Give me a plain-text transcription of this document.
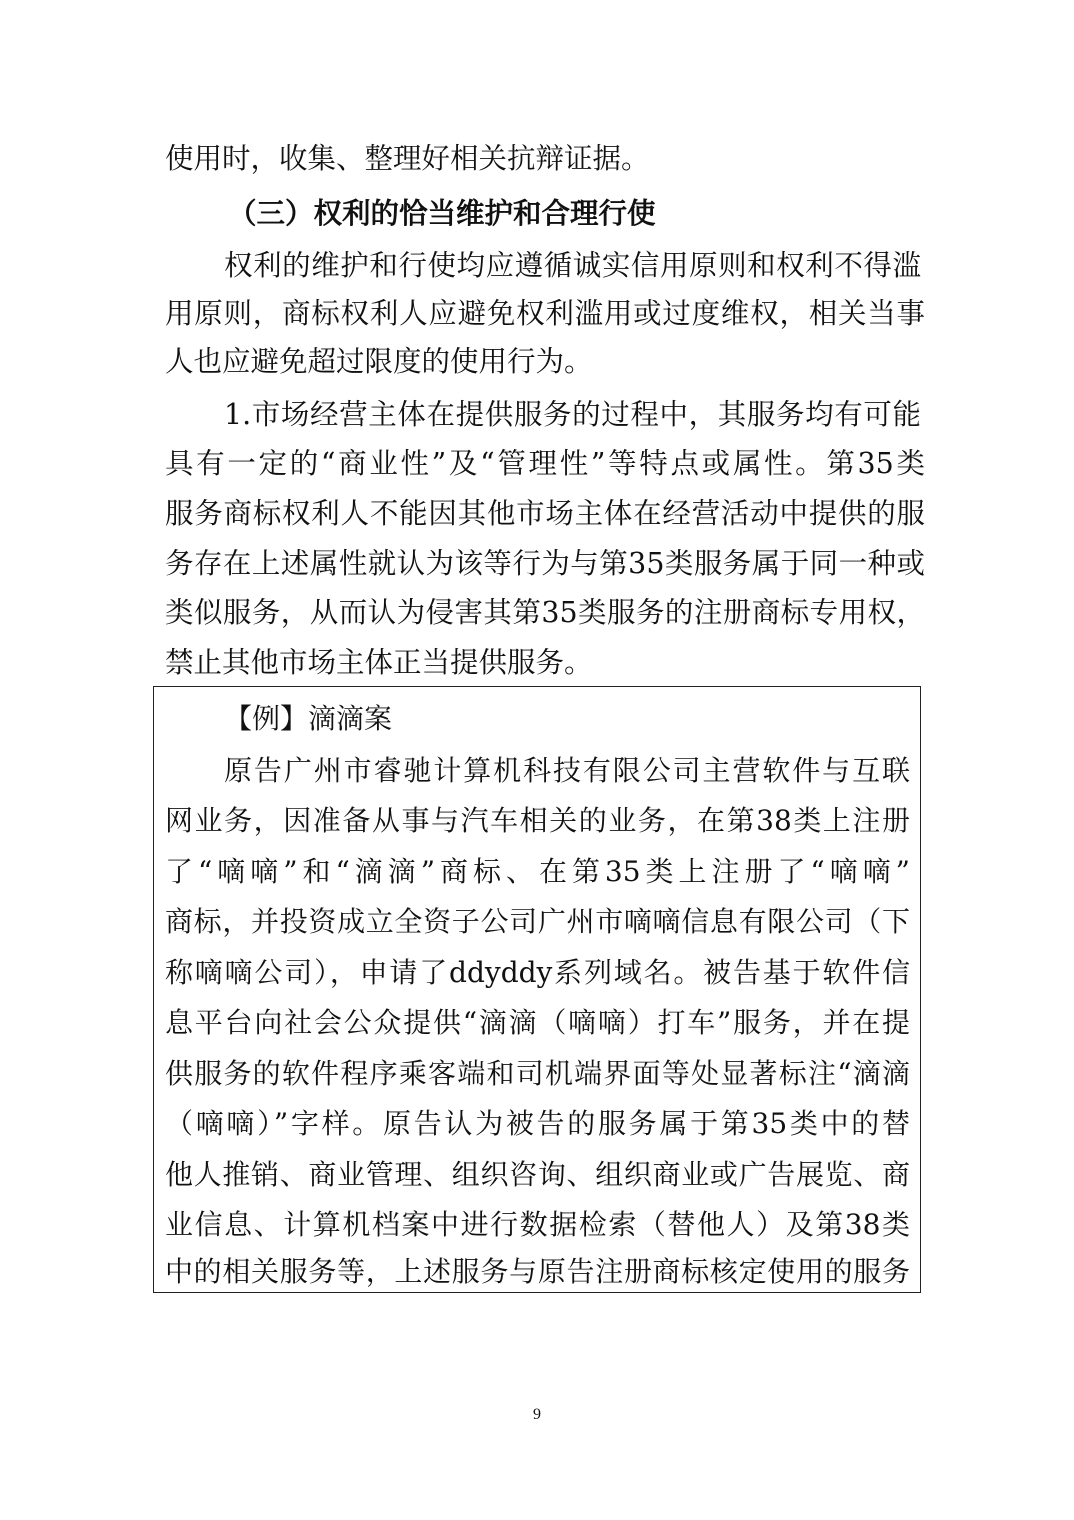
使用时，收集、整理好相关抗辩证据。
（三）权利的恰当维护和合理行使
权利的维护和行使均应遵循诚实信用原则和权利不得滥
用原则，商标权利人应避免权利滥用或过度维权，相关当事
人也应避免超过限度的使用行为。
1.市场经营主体在提供服务的过程中，其服务均有可能
具有一定的“商业性”及“管理性”等特点或属性。第35类
服务商标权利人不能因其他市场主体在经营活动中提供的服
务存在上述属性就认为该等行为与第35类服务属于同一种或
类似服务，从而认为侵害其第35类服务的注册商标专用权，
禁止其他市场主体正当提供服务。
【例】滴滴案
原告广州市睿驰计算机科技有限公司主营软件与互联
网业务，因准备从事与汽车相关的业务，在第38类上注册
了“嘀嘀”和“滴滴”商标、在第35类上注册了“嘀嘀”
商标，并投资成立全资子公司广州市嘀嘀信息有限公司（下
称嘀嘀公司），申请了ddyddy系列域名。被告基于软件信
息平台向社会公众提供“滴滴（嘀嘀）打车”服务，并在提
供服务的软件程序乘客端和司机端界面等处显著标注“滴滴
（嘀嘀）”字样。原告认为被告的服务属于第35类中的替
他人推销、商业管理、组织咨询、组织商业或广告展览、商
业信息、计算机档案中进行数据检索（替他人）及第38类
中的相关服务等，上述服务与原告注册商标核定使用的服务
9
